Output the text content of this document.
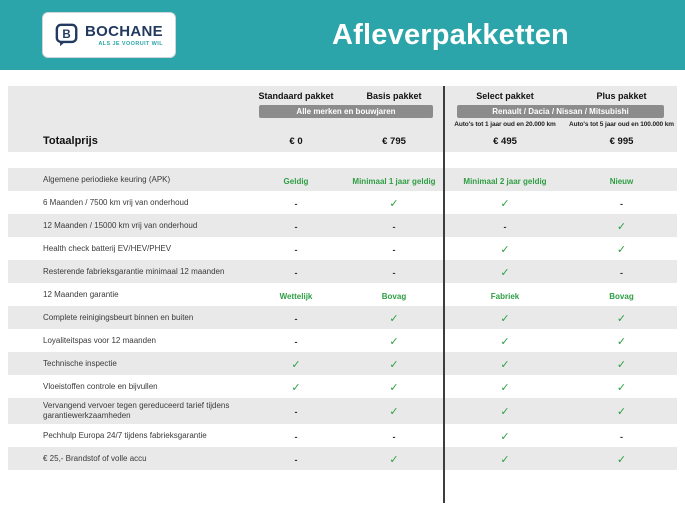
B BOCHANE
ALS JE VOORUIT WIL	Afleverpakketten
Standaard pakket	Basis pakket	Select pakket	Plus pakket
Alle merken en bouwjaren	Renault / Dacia / Nissan / Mitsubishi
Auto's tot 1 jaar oud en 20.000 km	Auto's tot 5 jaar oud en 100.000 km
Totaalprijs	€ 0	€ 795	€ 495	€ 995
Algemene periodieke keuring (APK)	Geldig	Minimaal 1 jaar geldig	Minimaal 2 jaar geldig	Nieuw
6 Maanden / 7500 km vrij van onderhoud	-	✓	✓	-
12 Maanden / 15000 km vrij van onderhoud	-	-	-	✓
Health check batterij EV/HEV/PHEV	-	-	✓	✓
Resterende fabrieksgarantie minimaal 12 maanden	-	-	✓	-
12 Maanden garantie	Wettelijk	Bovag	Fabriek	Bovag
Complete reinigingsbeurt binnen en buiten	-	✓	✓	✓
Loyaliteitspas voor 12 maanden	-	✓	✓	✓
Technische inspectie	✓	✓	✓	✓
Vloeistoffen controle en bijvullen	✓	✓	✓	✓
Vervangend vervoer tegen gereduceerd tarief tijdens garantiewerkzaamheden	-	✓	✓	✓
Pechhulp Europa 24/7 tijdens fabrieksgarantie	-	-	✓	-
€ 25,- Brandstof of volle accu	-	✓	✓	✓
